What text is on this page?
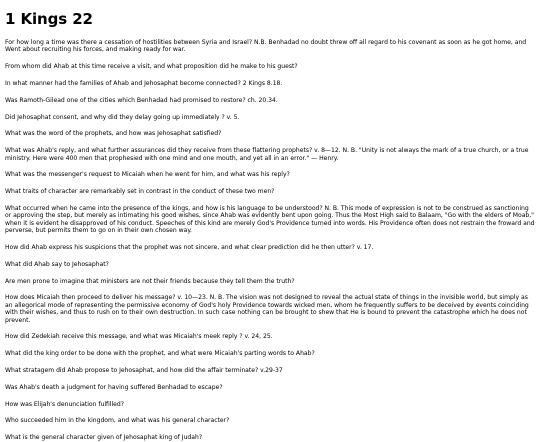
1 Kings 22

For how long a time was there a cessation of hostilities between Syria and Israel? N.B. Benhadad no doubt threw off all regard to his covenant as soon as he got home, and Went about recruiting his forces, and making ready for war.

From whom did Ahab at this time receive a visit, and what proposition did he make to his guest?

In what manner had the families of Ahab and Jehosaphat become connected? 2 Kings 8.18.

Was Ramoth-Gilead one of the cities which Benhadad had promised to restore? ch. 20.34.

Did Jehosaphat consent, and why did they delay going up immediately ? v. 5.

What was the word of the prophets, and how was Jehosaphat satisfied?

What was Ahab's reply, and what further assurances did they receive from these flattering prophets? v. 8—12. N. B. "Unity is not always the mark of a true church, or a true ministry. Here were 400 men that prophesied with one mind and one mouth, and yet all in an error." — Henry.

What was the messenger's request to Micaiah when he went for him, and what was his reply?

What traits of character are remarkably set in contrast in the conduct of these two men?

What occurred when he came into the presence of the kings, and how is his language to be understood? N. B. This mode of expression is not to be construed as sanctioning or approving the step, but merely as intimating his good wishes, since Ahab was evidently bent upon going. Thus the Most High said to Balaam, "Go with the elders of Moab," when it is evident he disapproved of his conduct. Speeches of this kind are merely God's Providence turned into words. His Providence often does not restrain the froward and perverse, but permits them to go on in their own chosen way.

How did Ahab express his suspicions that the prophet was not sincere, and what clear prediction did he then utter? v. 17.

What did Ahab say to Jehosaphat?

Are men prone to imagine that ministers are not their friends because they tell them the truth?

How does Micaiah then proceed to deliver his message? v. 10—23. N. B. The vision was not designed to reveal the actual state of things in the invisible world, but simply as an allegorical mode of representing the permissive economy of God's holy Providence towards wicked men, whom he frequently suffers to be deceived by events coinciding with their wishes, and thus to rush on to their own destruction. In such case nothing can be brought to shew that He is bound to prevent the catastrophe which he does not prevent.

How did Zedekiah receive this message, and what was Micaiah's meek reply ? v. 24, 25.

What did the king order to be done with the prophet, and what were Micaiah's parting words to Ahab?

What stratagem did Ahab propose to Jehosaphat, and how did the affair terminate? v.29-37

Was Ahab's death a judgment for having suffered Benhadad to escape?

How was Elijah's denunciation fulfilled?

Who succeeded him in the kingdom, and what was his general character?

What is the general character given of Jehosaphat king of Judah?
